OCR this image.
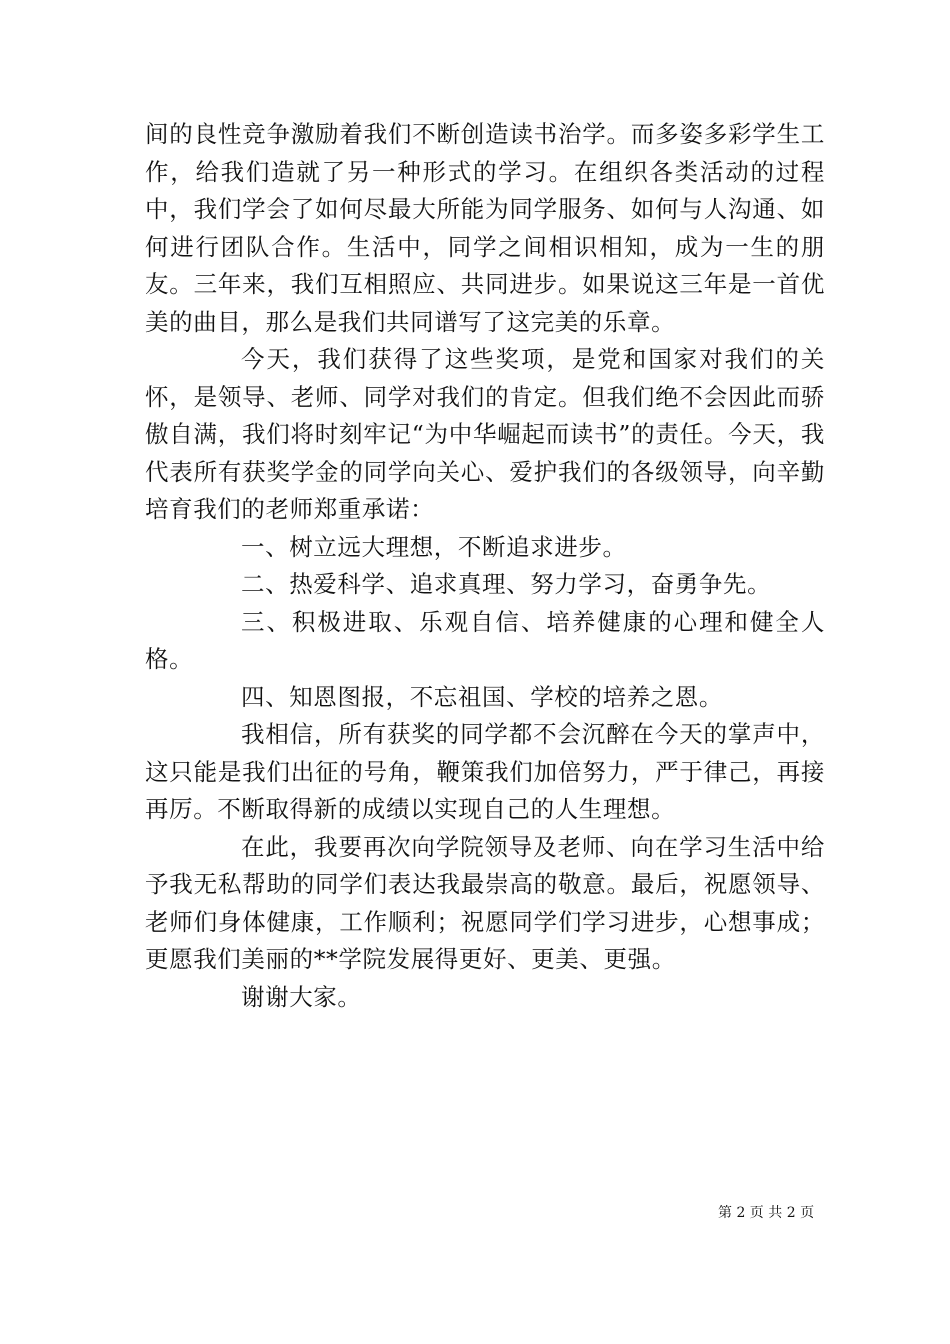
间的良性竞争激励着我们不断创造读书治学。而多姿多彩学生工作，给我们造就了另一种形式的学习。在组织各类活动的过程中，我们学会了如何尽最大所能为同学服务、如何与人沟通、如何进行团队合作。生活中，同学之间相识相知，成为一生的朋友。三年来，我们互相照应、共同进步。如果说这三年是一首优美的曲目，那么是我们共同谱写了这完美的乐章。

今天，我们获得了这些奖项，是党和国家对我们的关怀，是领导、老师、同学对我们的肯定。但我们绝不会因此而骄傲自满，我们将时刻牢记“为中华崛起而读书”的责任。今天，我代表所有获奖学金的同学向关心、爱护我们的各级领导，向辛勤培育我们的老师郑重承诺：

一、树立远大理想，不断追求进步。

二、热爱科学、追求真理、努力学习，奋勇争先。

三、积极进取、乐观自信、培养健康的心理和健全人格。

四、知恩图报，不忘祖国、学校的培养之恩。

我相信，所有获奖的同学都不会沉醉在今天的掌声中，这只能是我们出征的号角，鞭策我们加倍努力，严于律己，再接再厉。不断取得新的成绩以实现自己的人生理想。

在此，我要再次向学院领导及老师、向在学习生活中给予我无私帮助的同学们表达我最崇高的敬意。最后，祝愿领导、老师们身体健康，工作顺利；祝愿同学们学习进步，心想事成；更愿我们美丽的**学院发展得更好、更美、更强。

谢谢大家。

第 2 页 共 2 页
